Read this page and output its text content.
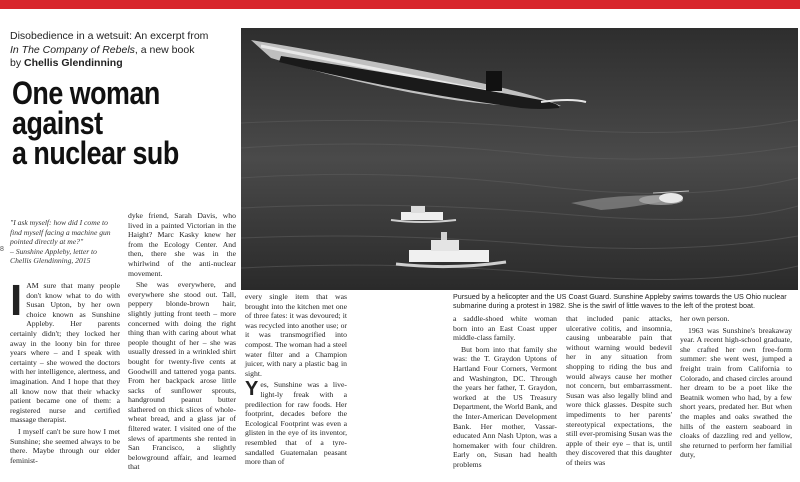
Disobedience in a wetsuit: An excerpt from
In The Company of Rebels, a new book
by Chellis Glendinning
One woman
against
a nuclear sub
8
"I ask myself: how did I come to find myself facing a machine gun pointed directly at me?"
– Sunshine Appleby, letter to
Chellis Glendinning, 2015

IAM sure that many people don't know what to do with Susan Upton, by her own choice known as Sunshine Appleby. Her parents certainly didn't; they locked her away in the loony bin for three years where – and I speak with certainty – she wowed the doctors with her intelligence, alertness, and imagination. And I hope that they all know now that their whacky patient became one of them: a registered nurse and certified massage therapist.

I myself can't be sure how I met Sunshine; she seemed always to be there. Maybe through our elder feminist-

dyke friend, Sarah Davis, who lived in a painted Victorian in the Haight? Marc Kasky knew her from the Ecology Center. And then, there she was in the whirlwind of the anti-nuclear movement.

She was everywhere, and everywhere she stood out. Tall, peppery blonde-brown hair, slightly jutting front teeth – more concerned with doing the right thing than with caring about what people thought of her – she was usually dressed in a wrinkled shirt bought for twenty-five cents at Goodwill and tattered yoga pants. From her backpack arose little sacks of sunflower sprouts, handground peanut butter slathered on thick slices of whole-wheat bread, and a glass jar of filtered water. I visited one of the slews of apartments she rented in San Francisco, a slightly belowground affair, and learned that

Pursued by a helicopter and the US Coast Guard. Sunshine Appleby swims towards the US Ohio nuclear submarine during a protest in 1982. She is the swirl of little waves to the left of the protest boat.

every single item that was brought into the kitchen met one of three fates: it was devoured; it was recycled into another use; or it was transmogrified into compost. The woman had a steel water filter and a Champion juicer, with nary a plastic bag in sight.

Yes, Sunshine was a live-light-ly freak with a predilection for raw foods. Her footprint, decades before the Ecological Footprint was even a glisten in the eye of its inventor, resembled that of a tyre-sandalled Guatemalan peasant more than of

a saddle-shoed white woman born into an East Coast upper middle-class family.

But born into that family she was: the T. Graydon Uptons of Hartland Four Corners, Vermont and Washington, DC. Through the years her father, T. Graydon, worked at the US Treasury Department, the World Bank, and the Inter-American Development Bank. Her mother, Vassar-educated Ann Nash Upton, was a homemaker with four children. Early on, Susan had health problems

that included panic attacks, ulcerative colitis, and insomnia, causing unbearable pain that without warning would bedevil her in any situation from shopping to riding the bus and would always cause her mother not concern, but embarrassment. Susan was also legally blind and wore thick glasses. Despite such impediments to her parents' stereotypical expectations, the still ever-promising Susan was the apple of their eye – that is, until they discovered that this daughter of theirs was

her own person.

1963 was Sunshine's breakaway year. A recent high-school graduate, she crafted her own free-form summer: she went west, jumped a freight train from California to Colorado, and chased circles around her dream to be a poet like the Beatnik women who had, by a few short years, predated her. But when the maples and oaks swathed the hills of the eastern seaboard in cloaks of dazzling red and yellow, she returned to perform her familial duty,
